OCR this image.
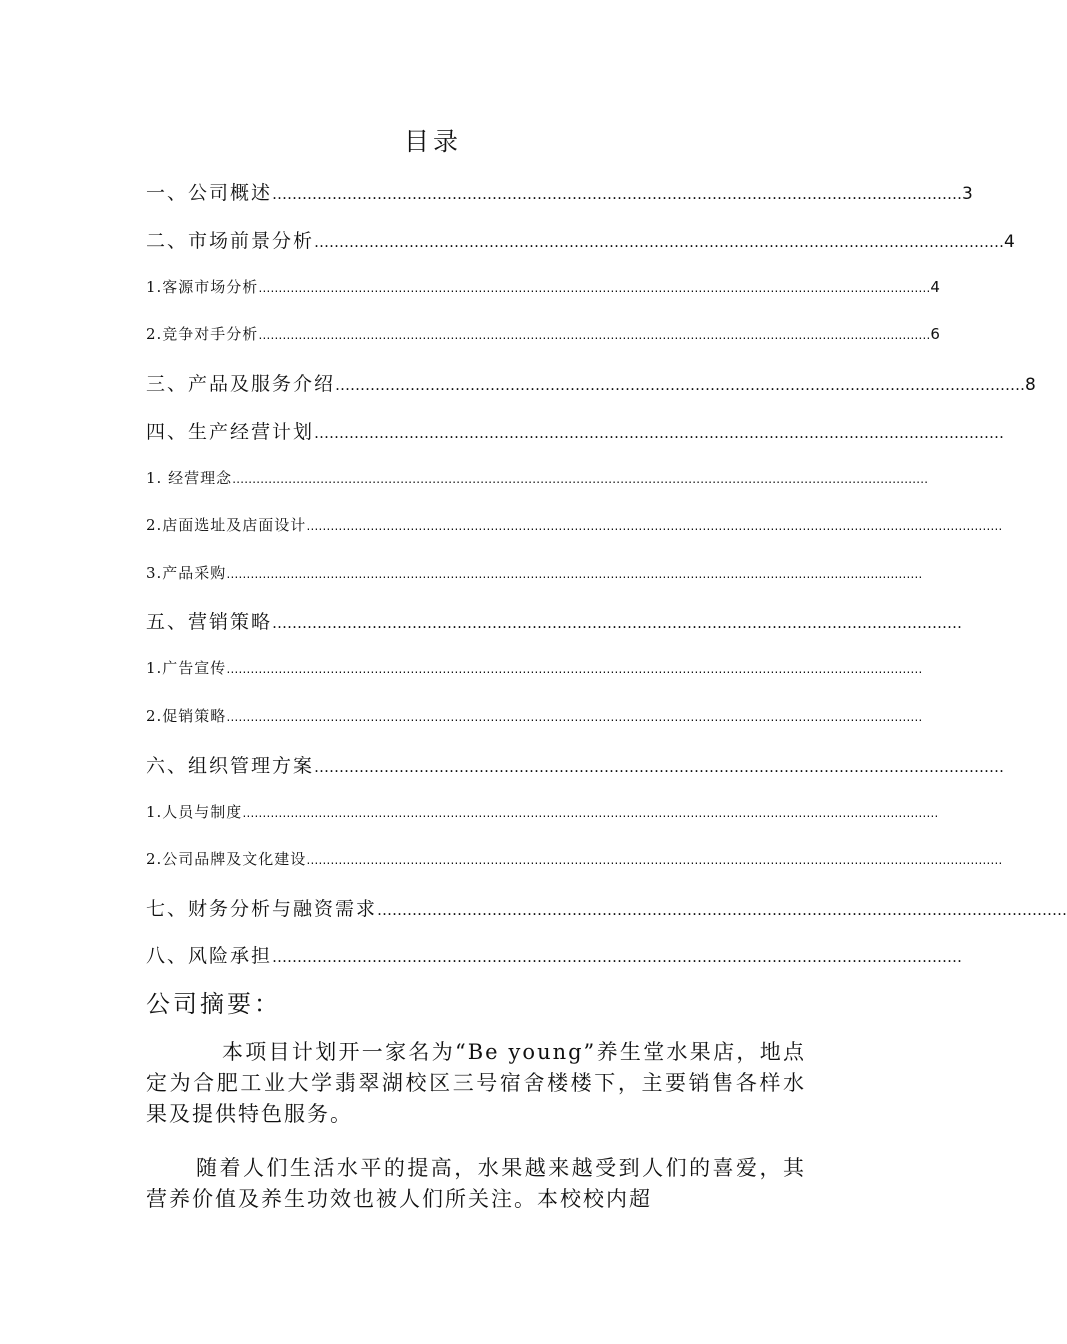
目录
一、公司概述 ………………………………………………………………………………………………………………………… 3
二、市场前景分析 ………………………………………………………………………………………………………………………… 4
1.客源市场分析 …………………………………………………………………………………………………………………………………………………… 4
2.竞争对手分析 …………………………………………………………………………………………………………………………………………………… 6
三、产品及服务介绍 ………………………………………………………………………………………………………………………… 8
四、生产经营计划 …………………………………………………………………………………………………………………………
1. 经营理念 …………………………………………………………………………………………………………………………………………………………
2.店面选址及店面设计 …………………………………………………………………………………………………………………………………………………………
3.产品采购 …………………………………………………………………………………………………………………………………………………………
五、营销策略 …………………………………………………………………………………………………………………………
1.广告宣传 …………………………………………………………………………………………………………………………………………………………
2.促销策略 …………………………………………………………………………………………………………………………………………………………
六、组织管理方案 …………………………………………………………………………………………………………………………
1.人员与制度 …………………………………………………………………………………………………………………………………………………………
2.公司品牌及文化建设 …………………………………………………………………………………………………………………………………………………………
七、财务分析与融资需求 …………………………………………………………………………………………………………………………
八、风险承担 …………………………………………………………………………………………………………………………
公司摘要：
本项目计划开一家名为“Be young”养生堂水果店，地点定为合肥工业大学翡翠湖校区三号宿舍楼楼下，主要销售各样水果及提供特色服务。
随着人们生活水平的提高，水果越来越受到人们的喜爱，其营养价值及养生功效也被人们所关注。本校校内超
